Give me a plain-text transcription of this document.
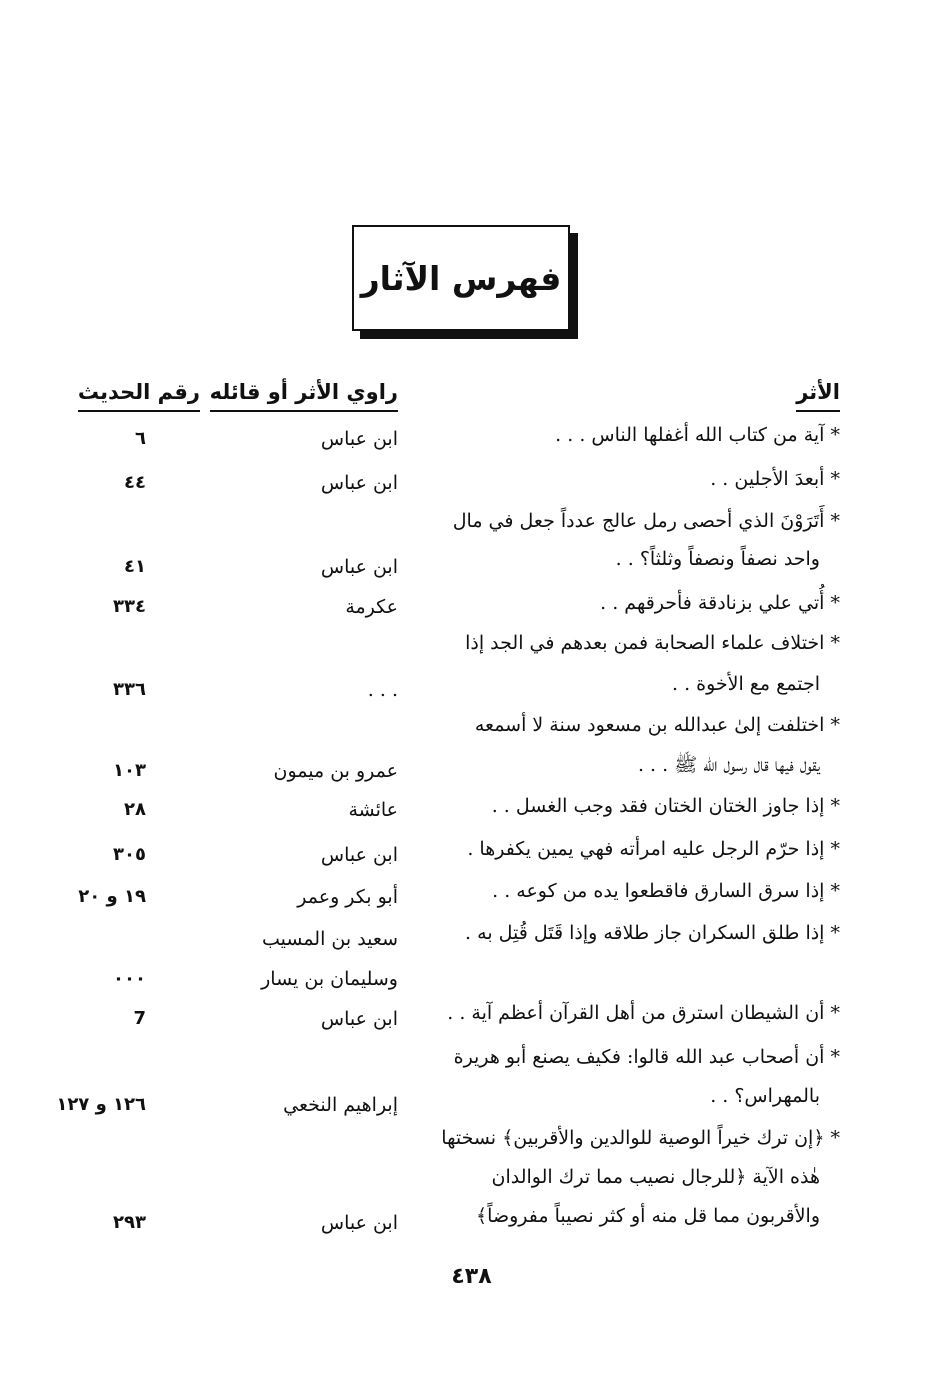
فهرس الآثار
الأثر
راوي الأثر أو قائله
رقم الحديث
* آية من كتاب الله أغفلها الناس . . .
ابن عباس
٦
* أبعدَ الأجلين . .
ابن عباس
٤٤
* أَتَرَوْنَ الذي أحصى رمل عالج عدداً جعل في مال
واحد نصفاً ونصفاً وثلثاً؟ . .
ابن عباس
٤١
* أُتي علي بزنادقة فأحرقهم . .
عكرمة
٣٣٤
* اختلاف علماء الصحابة فمن بعدهم في الجد إذا
اجتمع مع الأخوة . .
. . .
٣٣٦
* اختلفت إلىٰ عبدالله بن مسعود سنة لا أسمعه
يقول فيها قال رسول الله ﷺ . . .
عمرو بن ميمون
١٠٣
* إذا جاوز الختان الختان فقد وجب الغسل . .
عائشة
٢٨
* إذا حرّم الرجل عليه امرأته فهي يمين يكفرها .
ابن عباس
٣٠٥
* إذا سرق السارق فاقطعوا يده من كوعه . .
أبو بكر وعمر
١٩ و ٢٠
* إذا طلق السكران جاز طلاقه وإذا قَتَل قُتِل به .
سعيد بن المسيب
وسليمان بن يسار
٠٠٠
* أن الشيطان استرق من أهل القرآن أعظم آية . .
ابن عباس
7
* أن أصحاب عبد الله قالوا: فكيف يصنع أبو هريرة
بالمهراس؟ . .
إبراهيم النخعي
١٢٦ و ١٢٧
* ﴿إن ترك خيراً الوصية للوالدين والأقربين﴾ نسختها
هٰذه الآية ﴿للرجال نصيب مما ترك الوالدان
والأقربون مما قل منه أو كثر نصيباً مفروضاً﴾
ابن عباس
٢٩٣
٤٣٨
